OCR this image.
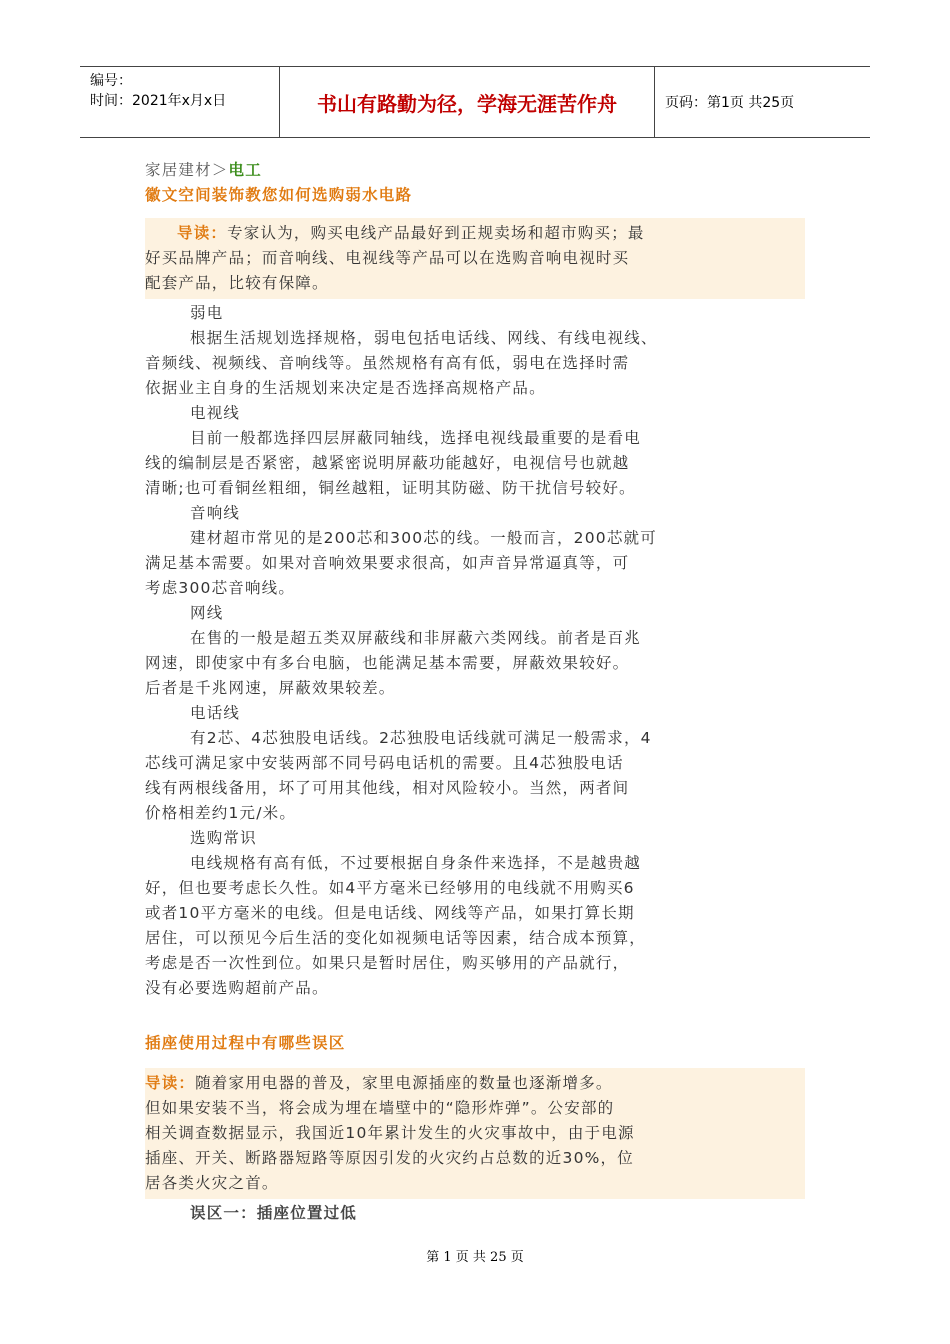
编号：
时间：2021年x月x日	书山有路勤为径，学海无涯苦作舟	页码：第1页 共25页
家居建材＞电工
徽文空间装饰教您如何选购弱水电路
导读：专家认为，购买电线产品最好到正规卖场和超市购买；最
好买品牌产品；而音响线、电视线等产品可以在选购音响电视时买
配套产品，比较有保障。
弱电
根据生活规划选择规格，弱电包括电话线、网线、有线电视线、
音频线、视频线、音响线等。虽然规格有高有低，弱电在选择时需
依据业主自身的生活规划来决定是否选择高规格产品。
电视线
目前一般都选择四层屏蔽同轴线，选择电视线最重要的是看电
线的编制层是否紧密，越紧密说明屏蔽功能越好，电视信号也就越
清晰;也可看铜丝粗细，铜丝越粗，证明其防磁、防干扰信号较好。
音响线
建材超市常见的是200芯和300芯的线。一般而言，200芯就可
满足基本需要。如果对音响效果要求很高，如声音异常逼真等，可
考虑300芯音响线。
网线
在售的一般是超五类双屏蔽线和非屏蔽六类网线。前者是百兆
网速，即使家中有多台电脑，也能满足基本需要，屏蔽效果较好。
后者是千兆网速，屏蔽效果较差。
电话线
有2芯、4芯独股电话线。2芯独股电话线就可满足一般需求，4
芯线可满足家中安装两部不同号码电话机的需要。且4芯独股电话
线有两根线备用，坏了可用其他线，相对风险较小。当然，两者间
价格相差约1元/米。
选购常识
电线规格有高有低，不过要根据自身条件来选择，不是越贵越
好，但也要考虑长久性。如4平方毫米已经够用的电线就不用购买6
或者10平方毫米的电线。但是电话线、网线等产品，如果打算长期
居住，可以预见今后生活的变化如视频电话等因素，结合成本预算，
考虑是否一次性到位。如果只是暂时居住，购买够用的产品就行，
没有必要选购超前产品。
插座使用过程中有哪些误区
导读：随着家用电器的普及，家里电源插座的数量也逐渐增多。
但如果安装不当，将会成为埋在墙壁中的“隐形炸弹”。公安部的
相关调查数据显示，我国近10年累计发生的火灾事故中，由于电源
插座、开关、断路器短路等原因引发的火灾约占总数的近30%，位
居各类火灾之首。
误区一：插座位置过低
第 1 页 共 25 页
